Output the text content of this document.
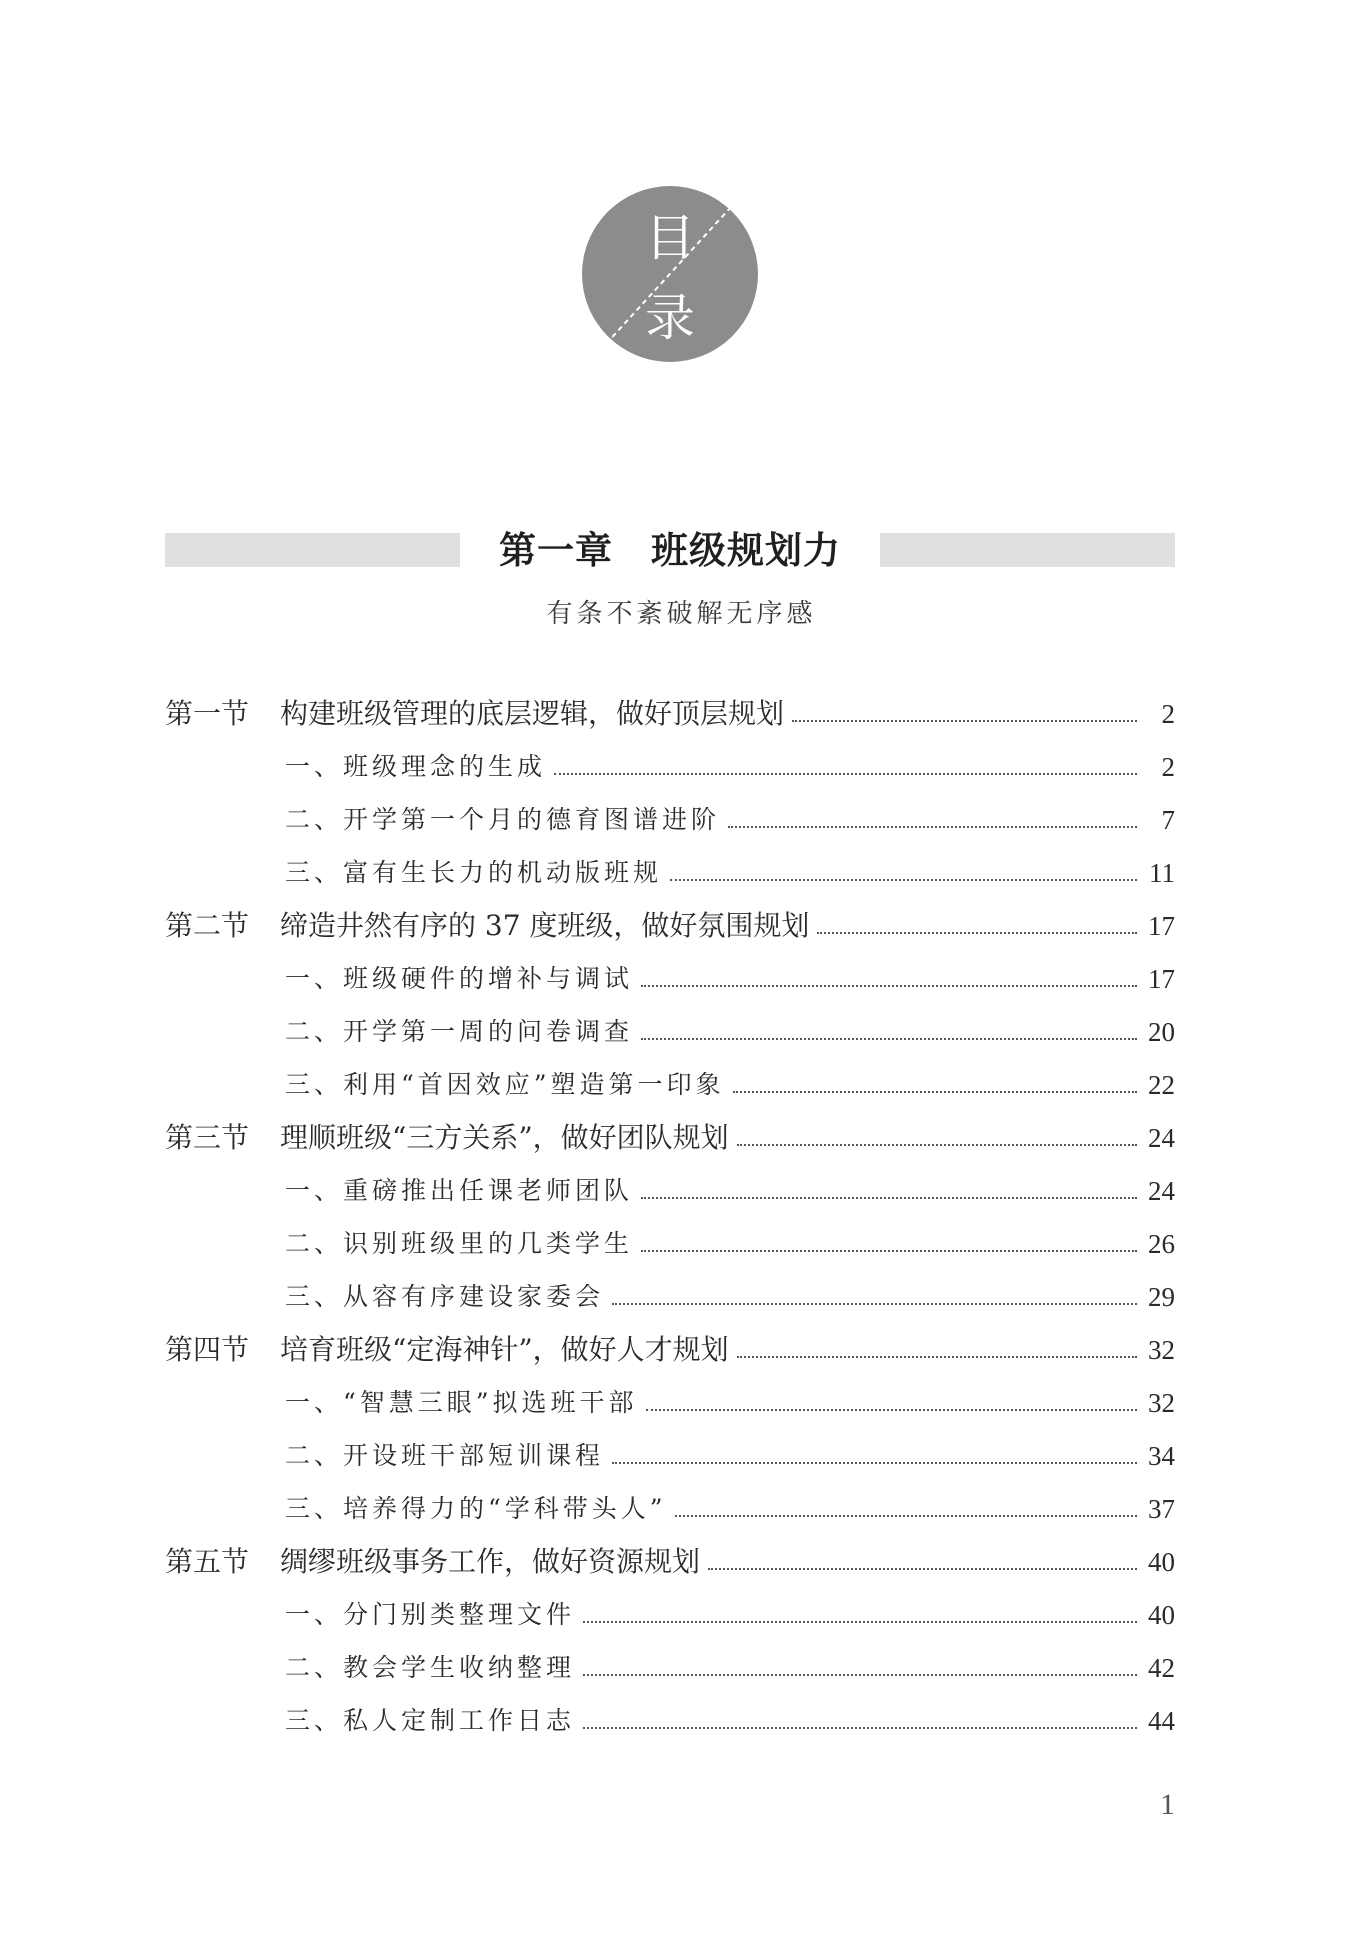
目
录
第一章 班级规划力
有条不紊破解无序感
第一节 构建班级管理的底层逻辑，做好顶层规划	2
一、班级理念的生成	2
二、开学第一个月的德育图谱进阶	7
三、富有生长力的机动版班规	11
第二节 缔造井然有序的 37 度班级，做好氛围规划	17
一、班级硬件的增补与调试	17
二、开学第一周的问卷调查	20
三、利用“首因效应”塑造第一印象	22
第三节 理顺班级“三方关系”，做好团队规划	24
一、重磅推出任课老师团队	24
二、识别班级里的几类学生	26
三、从容有序建设家委会	29
第四节 培育班级“定海神针”，做好人才规划	32
一、“智慧三眼”拟选班干部	32
二、开设班干部短训课程	34
三、培养得力的“学科带头人”	37
第五节 绸缪班级事务工作，做好资源规划	40
一、分门别类整理文件	40
二、教会学生收纳整理	42
三、私人定制工作日志	44
1
